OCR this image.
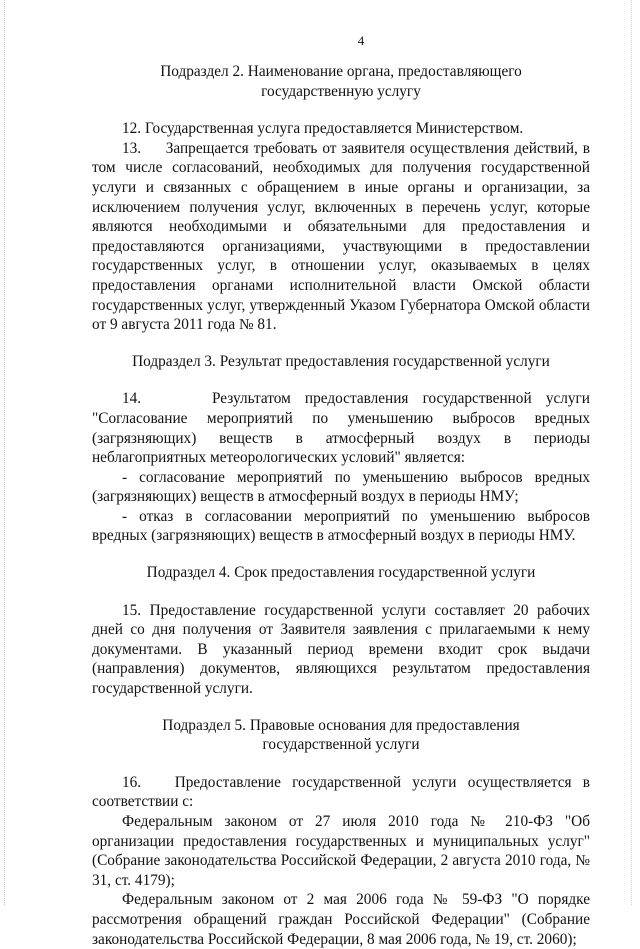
4
Подраздел 2. Наименование органа, предоставляющего
государственную услугу

12. Государственная услуга предоставляется Министерством.

13.     Запрещается требовать от заявителя осуществления действий, в том числе согласований, необходимых для получения государственной услуги и связанных с обращением в иные органы и организации, за исключением получения услуг, включенных в перечень услуг, которые являются необходимыми и обязательными для предоставления и предоставляются организациями, участвующими в предоставлении государственных услуг, в отношении услуг, оказываемых в целях предоставления органами исполнительной власти Омской области государственных услуг, утвержденный Указом Губернатора Омской области от 9 августа 2011 года № 81.

Подраздел 3. Результат предоставления государственной услуги

14.     Результатом предоставления государственной услуги "Согласование мероприятий по уменьшению выбросов вредных (загрязняющих) веществ в атмосферный воздух в периоды неблагоприятных метеорологических условий" является:

- согласование мероприятий по уменьшению выбросов вредных (загрязняющих) веществ в атмосферный воздух в периоды НМУ;

- отказ в согласовании мероприятий по уменьшению выбросов вредных (загрязняющих) веществ в атмосферный воздух в периоды НМУ.

Подраздел 4. Срок предоставления государственной услуги

15. Предоставление государственной услуги составляет 20 рабочих дней со дня получения от Заявителя заявления с прилагаемыми к нему документами. В указанный период времени входит срок выдачи (направления) документов, являющихся результатом предоставления государственной услуги.

Подраздел 5. Правовые основания для предоставления
государственной услуги

16.   Предоставление государственной услуги осуществляется в соответствии с:

Федеральным законом от 27 июля 2010 года № 210-ФЗ "Об организации предоставления государственных и муниципальных услуг" (Собрание законодательства Российской Федерации, 2 августа 2010 года, № 31, ст. 4179);

Федеральным законом от 2 мая 2006 года № 59-ФЗ "О порядке рассмотрения обращений граждан Российской Федерации" (Собрание законодательства Российской Федерации, 8 мая 2006 года, № 19, ст. 2060);
